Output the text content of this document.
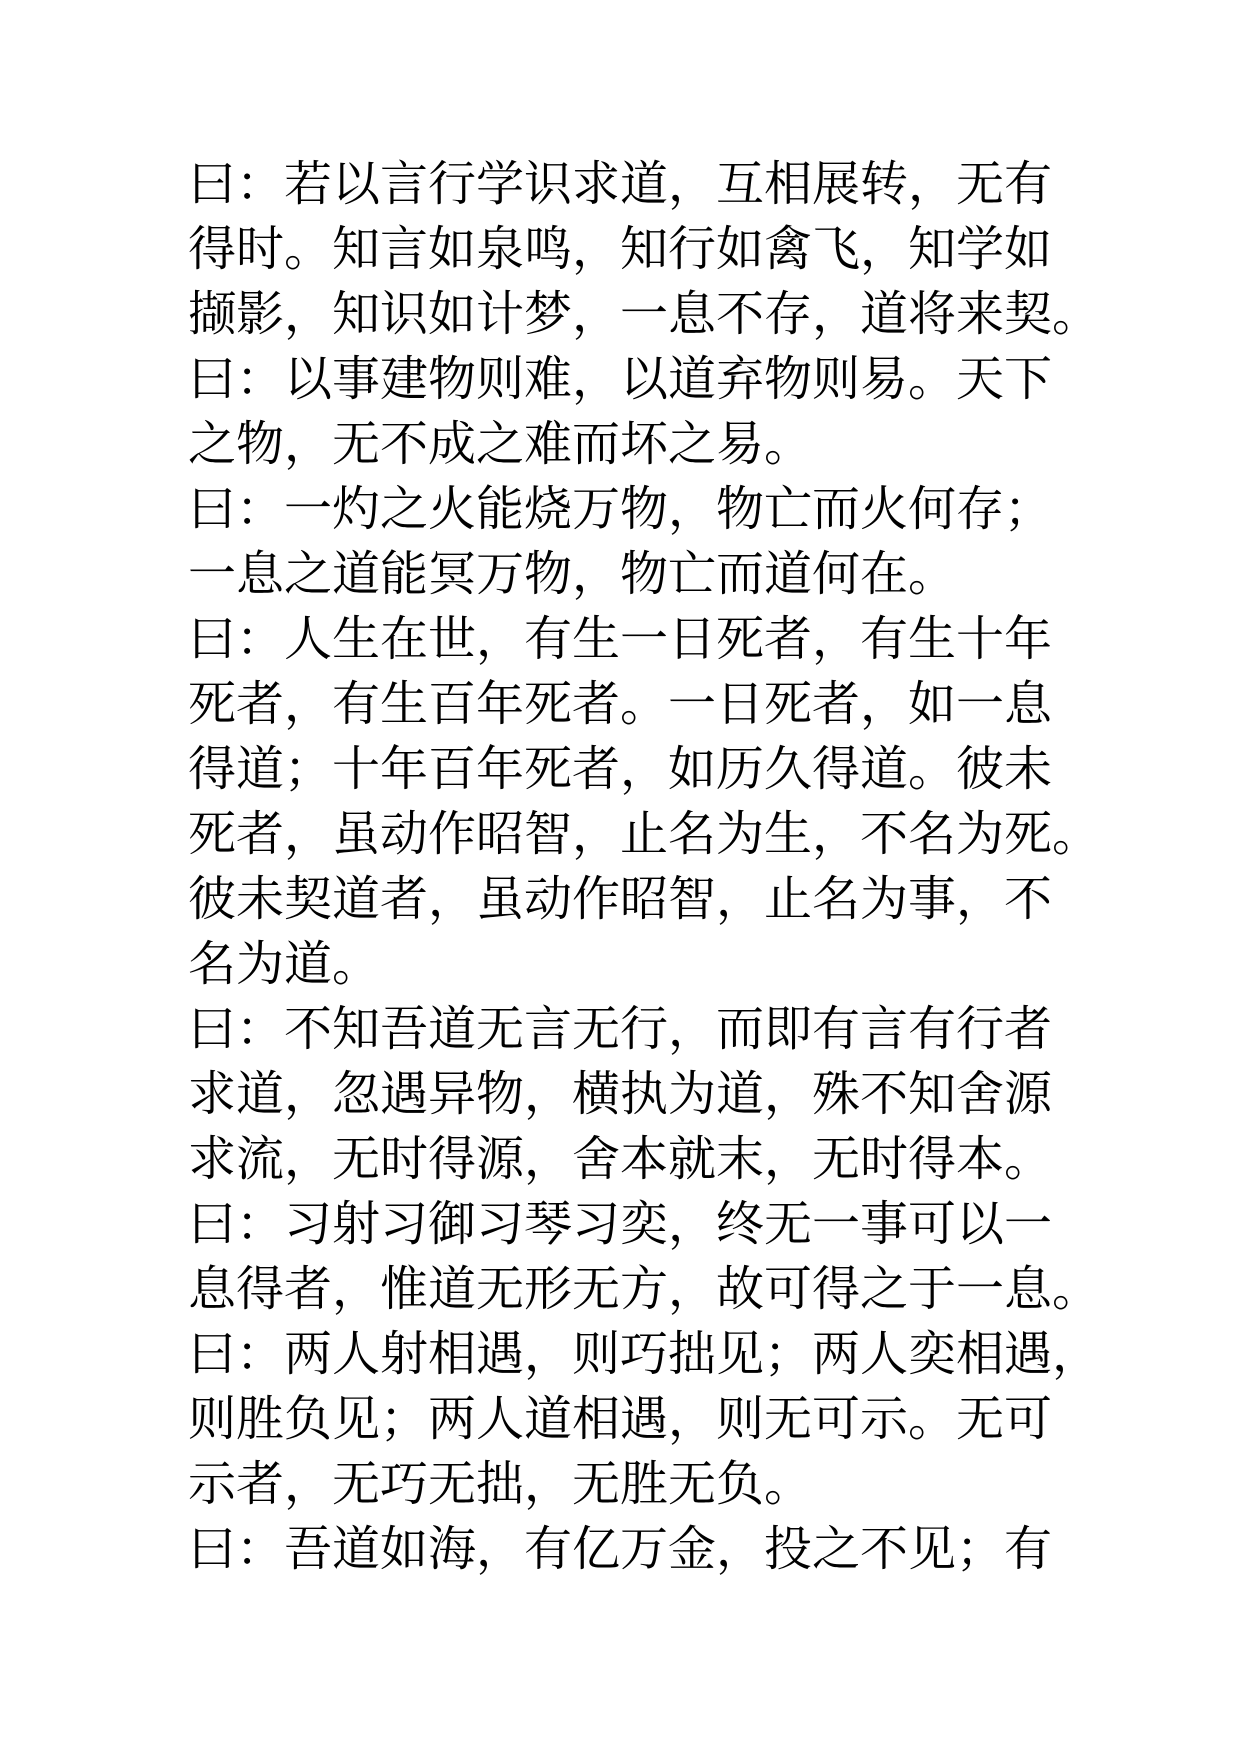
曰：若以言行学识求道，互相展转，无有
得时。知言如泉鸣，知行如禽飞，知学如
撷影，知识如计梦，一息不存，道将来契。
曰：以事建物则难，以道弃物则易。天下
之物，无不成之难而坏之易。
曰：一灼之火能烧万物，物亡而火何存；
一息之道能冥万物，物亡而道何在。
曰：人生在世，有生一日死者，有生十年
死者，有生百年死者。一日死者，如一息
得道；十年百年死者，如历久得道。彼未
死者，虽动作昭智，止名为生，不名为死。
彼未契道者，虽动作昭智，止名为事，不
名为道。
曰：不知吾道无言无行，而即有言有行者
求道，忽遇异物，横执为道，殊不知舍源
求流，无时得源，舍本就末，无时得本。
曰：习射习御习琴习奕，终无一事可以一
息得者，惟道无形无方，故可得之于一息。
曰：两人射相遇，则巧拙见；两人奕相遇，
则胜负见；两人道相遇，则无可示。无可
示者，无巧无拙，无胜无负。
曰：吾道如海，有亿万金，投之不见；有
